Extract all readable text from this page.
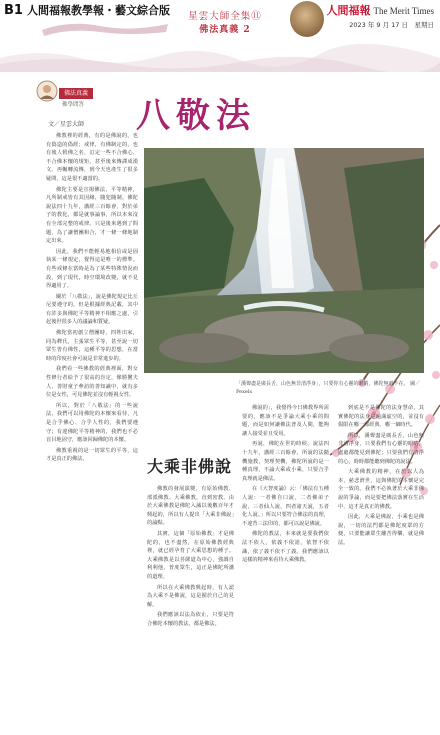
B1 人間福報教學報・藝文綜合版	星雲大師全集⑪
佛法真義 2
人間福報 The Merit Times
2023 年 9 月 17 日　星期日
佛法真義
佛學問答
文／星雲大師 八敬法

佛教裡的經典，有的是佛說的，也有偽造的偽經；戒律，有佛制定的，也有後人假佛之名，訂定一些不合佛心、不合佛本懷的規矩。甚至後來傳譯成漢文、再輾轉流傳，到今天也產生了很多疑問，這是很不適當的。

佛陀主要是宣揚佛法，平等精神，凡所制戒皆有其因緣，隨犯隨制。佛陀說法四十九年，講經三百餘會，對於弟子的教化，都是就事論事，所以本來沒有全部完整的戒律。只是後來遇到了問題，為了讓僧團和合，才一條一條地制定出來。

因此，我們不能輕易地相信或是固執某一條規定，覺得這是唯一的標準。有些戒條在當時是為了某些特殊情況而設，到了現代，時空環境改變，就不見得適用了。

關於「八敬法」，說是佛陀規定比丘尼要遵守的，但是根據經典記載，其中有許多與佛陀平等精神不相應之處，引起後世很多人的議論和質疑。

佛陀當初創立僧團時，四姓出家，同為釋氏，主張眾生平等，甚至說一切眾生皆有佛性，這種平等的思想，在當時的印度社會可說是非常進步的。

我們看一些佛教的經典裡面，對女性修行者給予了很高的肯定，像勝鬘夫人、善財童子參訪的善知識中，就有多位是女性，可見佛陀並沒有輕視女性。

所以，對於「八敬法」的一些說法，我們可以用佛陀的本懷來看待，凡是合乎佛心、合乎人性的，我們要遵守；有違佛陀平等精神的，我們也不必盲目地固守，應該回歸佛陀的本懷。

佛教重視的是一切眾生的平等，這才是真正的佛法。

「溪聲盡是廣長舌，山色無非清淨身」，只要你有心靈的眼睛，佛陀無處不在。 圖／Pexels
大乘非佛說

佛教的發展演變，有原始佛教、部派佛教、大乘佛教，直到密教。由於大乘佛教是佛陀入滅以後數百年才興起的，所以有人提出「大乘非佛說」的論點。

其實，這個「原始佛教」才是佛陀的，也不盡然，在原始佛教經典裡，就已經孕育了大乘思想的種子。大乘佛教是以菩薩道為中心，強調自利利他、普度眾生，這正是佛陀所講的道理。

所以在大乘佛教興起時，有人認為大乘不是佛說，這是囿於自己的見解。

我們應該以法為依止，只要是符合佛陀本懷的教法，都是佛法。

佛說的」，我覺得今日佛教界所需要的，應該不是爭論大乘小乘的問題，而是如何讓佛法普及人間，能夠讓人接受並且受用。

再說，佛陀在世的時候，說法四十九年，講經三百餘會，所說的法隨機施教，契理契機，佛陀所說的是一種真理，不論大乘或小乘，只要合乎真理就是佛法。

在《大智度論》云：「佛法有五種人說：一者佛自口說，二者佛弟子說，三者仙人說，四者諸天說，五者化人說。」所以只要符合佛法的真理，不違背三法印的，都可以說是佛說。

佛陀的教法，本來就是要我們依法不依人，依義不依語，依智不依識，依了義不依不了義。我們應該以這樣的精神來看待大乘佛教。

到底是不是佛陀的法身慧命，其實佛陀的法身是遍滿虛空的，並沒有侷限在哪一部經典、哪一個時代。

所以，溪聲盡是廣長舌，山色無非清淨身，只要我們有心靈的眼睛，處處都能見到佛陀；只要我們有清淨的心，時時都能聽到佛陀的說法。

大乘佛教的精神，在於以人為本，慈悲濟世，這與佛陀的本懷是完全一致的。我們不必執著於大乘非佛說的爭論，而是要把佛法落實在生活中，這才是真正的佛教。

因此，大乘是佛說，小乘也是佛說，一切的法門都是佛陀度眾的方便，只要能讓眾生離苦得樂，就是佛法。
